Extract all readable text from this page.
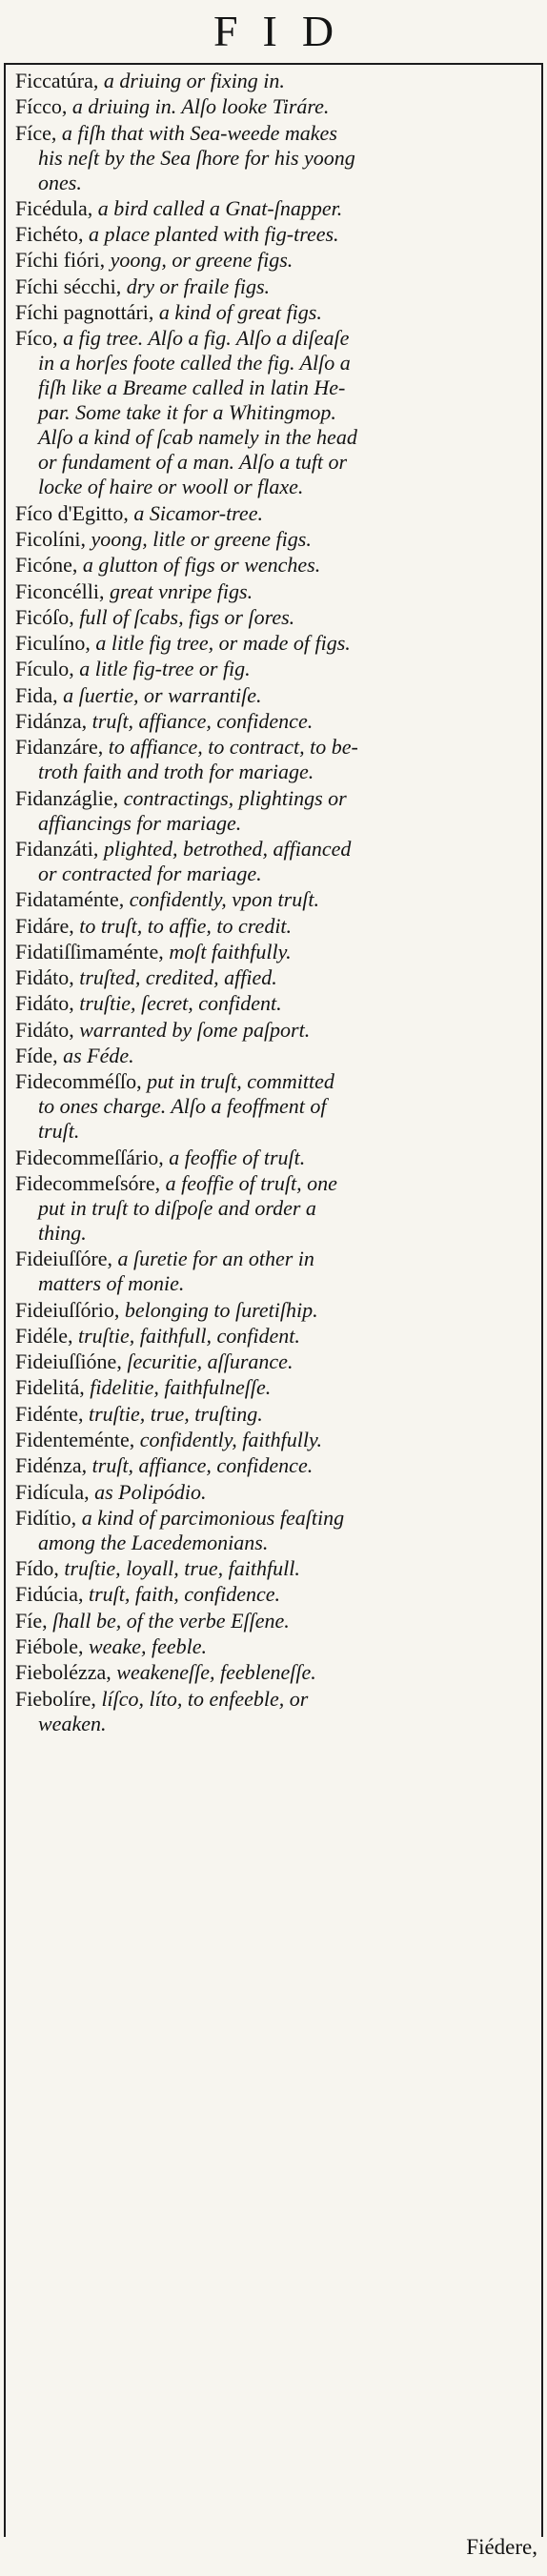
FID
Ficcatúra, a driuing or fixing in.
Fícco, a driuing in. Alſo looke Tiráre.
Fíce, a fiſh that with Sea-weede makes
his neſt by the Sea ſhore for his yoong
ones.
Ficédula, a bird called a Gnat-ſnapper.
Fichéto, a place planted with fig-trees.
Fíchi fióri, yoong, or greene figs.
Fíchi sécchi, dry or fraile figs.
Fíchi pagnottári, a kind of great figs.
Fíco, a fig tree. Alſo a fig. Alſo a diſeaſe
in a horſes foote called the fig. Alſo a
fiſh like a Breame called in latin He-
par. Some take it for a Whitingmop.
Alſo a kind of ſcab namely in the head
or fundament of a man. Alſo a tuft or
locke of haire or wooll or flaxe.
Fíco d'Egitto, a Sicamor-tree.
Ficolíni, yoong, litle or greene figs.
Ficóne, a glutton of figs or wenches.
Ficoncélli, great vnripe figs.
Ficóſo, full of ſcabs, figs or ſores.
Ficulíno, a litle fig tree, or made of figs.
Fículo, a litle fig-tree or fig.
Fida, a ſuertie, or warrantiſe.
Fidánza, truſt, affiance, confidence.
Fidanzáre, to affiance, to contract, to be-
troth faith and troth for mariage.
Fidanzáglie, contractings, plightings or
affiancings for mariage.
Fidanzáti, plighted, betrothed, affianced
or contracted for mariage.
Fidataménte, confidently, vpon truſt.
Fidáre, to truſt, to affie, to credit.
Fidatiſſimaménte, moſt faithfully.
Fidáto, truſted, credited, affied.
Fidáto, truſtie, ſecret, confident.
Fidáto, warranted by ſome paſport.
Fíde, as Féde.
Fidecomméſſo, put in truſt, committed
to ones charge. Alſo a feoffment of
truſt.
Fidecommeſſário, a feoffie of truſt.
Fidecommeſsóre, a feoffie of truſt, one
put in truſt to diſpoſe and order a
thing.
Fideiuſſóre, a ſuretie for an other in
matters of monie.
Fideiuſſório, belonging to ſuretiſhip.
Fidéle, truſtie, faithfull, confident.
Fideiuſſióne, ſecuritie, aſſurance.
Fidelitá, fidelitie, faithfulneſſe.
Fidénte, truſtie, true, truſting.
Fidenteménte, confidently, faithfully.
Fidénza, truſt, affiance, confidence.
Fidícula, as Polipódio.
Fidítio, a kind of parcimonious feaſting
among the Lacedemonians.
Fído, truſtie, loyall, true, faithfull.
Fidúcia, truſt, faith, confidence.
Fíe, ſhall be, of the verbe Eſſene.
Fiébole, weake, feeble.
Fiebolézza, weakeneſſe, feebleneſſe.
Fiebolíre, líſco, líto, to enfeeble, or
weaken.
Fiédere,
